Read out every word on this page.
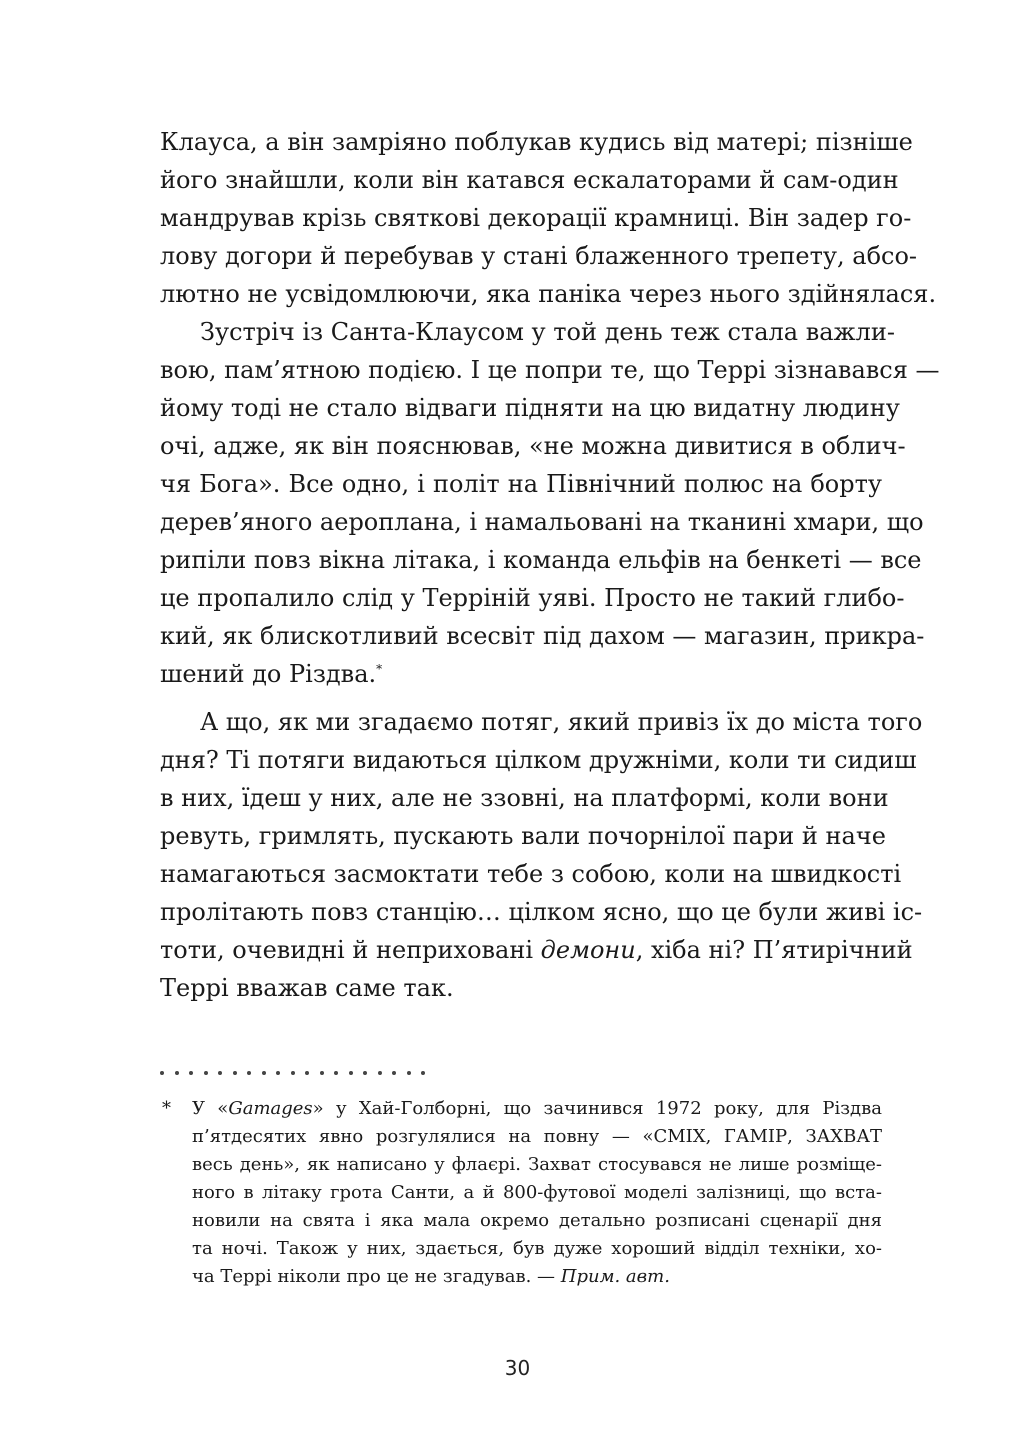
Клауса, а він замріяно поблукав кудись від матері; пізніше
його знайшли, коли він катався ескалаторами й сам-один
мандрував крізь святкові декорації крамниці. Він задер го-
лову догори й перебував у стані блаженного трепету, абсо-
лютно не усвідомлюючи, яка паніка через нього здійнялася.
Зустріч із Санта-Клаусом у той день теж стала важли-
вою, пам’ятною подією. І це попри те, що Террі зізнавався —
йому тоді не стало відваги підняти на цю видатну людину
очі, адже, як він пояснював, «не можна дивитися в облич-
чя Бога». Все одно, і політ на Північний полюс на борту
дерев’яного аероплана, і намальовані на тканині хмари, що
рипіли повз вікна літака, і команда ельфів на бенкеті — все
це пропалило слід у Терріній уяві. Просто не такий глибо-
кий, як блискотливий всесвіт під дахом — магазин, прикра-
шений до Різдва.*
А що, як ми згадаємо потяг, який привіз їх до міста того
дня? Ті потяги видаються цілком дружніми, коли ти сидиш
в них, їдеш у них, але не ззовні, на платформі, коли вони
ревуть, гримлять, пускають вали почорнілої пари й наче
намагаються засмоктати тебе з собою, коли на швидкості
пролітають повз станцію… цілком ясно, що це були живі іс-
тоти, очевидні й неприховані демони, хіба ні? П’ятирічний
Террі вважав саме так.
* У «Gamages» у Хай-Голборні, що зачинився 1972 року, для Різдва
п’ятдесятих явно розгулялися на повну — «СМІХ, ГАМІР, ЗАХВАТ
весь день», як написано у флаєрі. Захват стосувався не лише розміще-
ного в літаку грота Санти, а й 800-футової моделі залізниці, що вста-
новили на свята і яка мала окремо детально розписані сценарії дня
та ночі. Також у них, здається, був дуже хороший відділ техніки, хо-
ча Террі ніколи про це не згадував. — Прим. авт.
30
